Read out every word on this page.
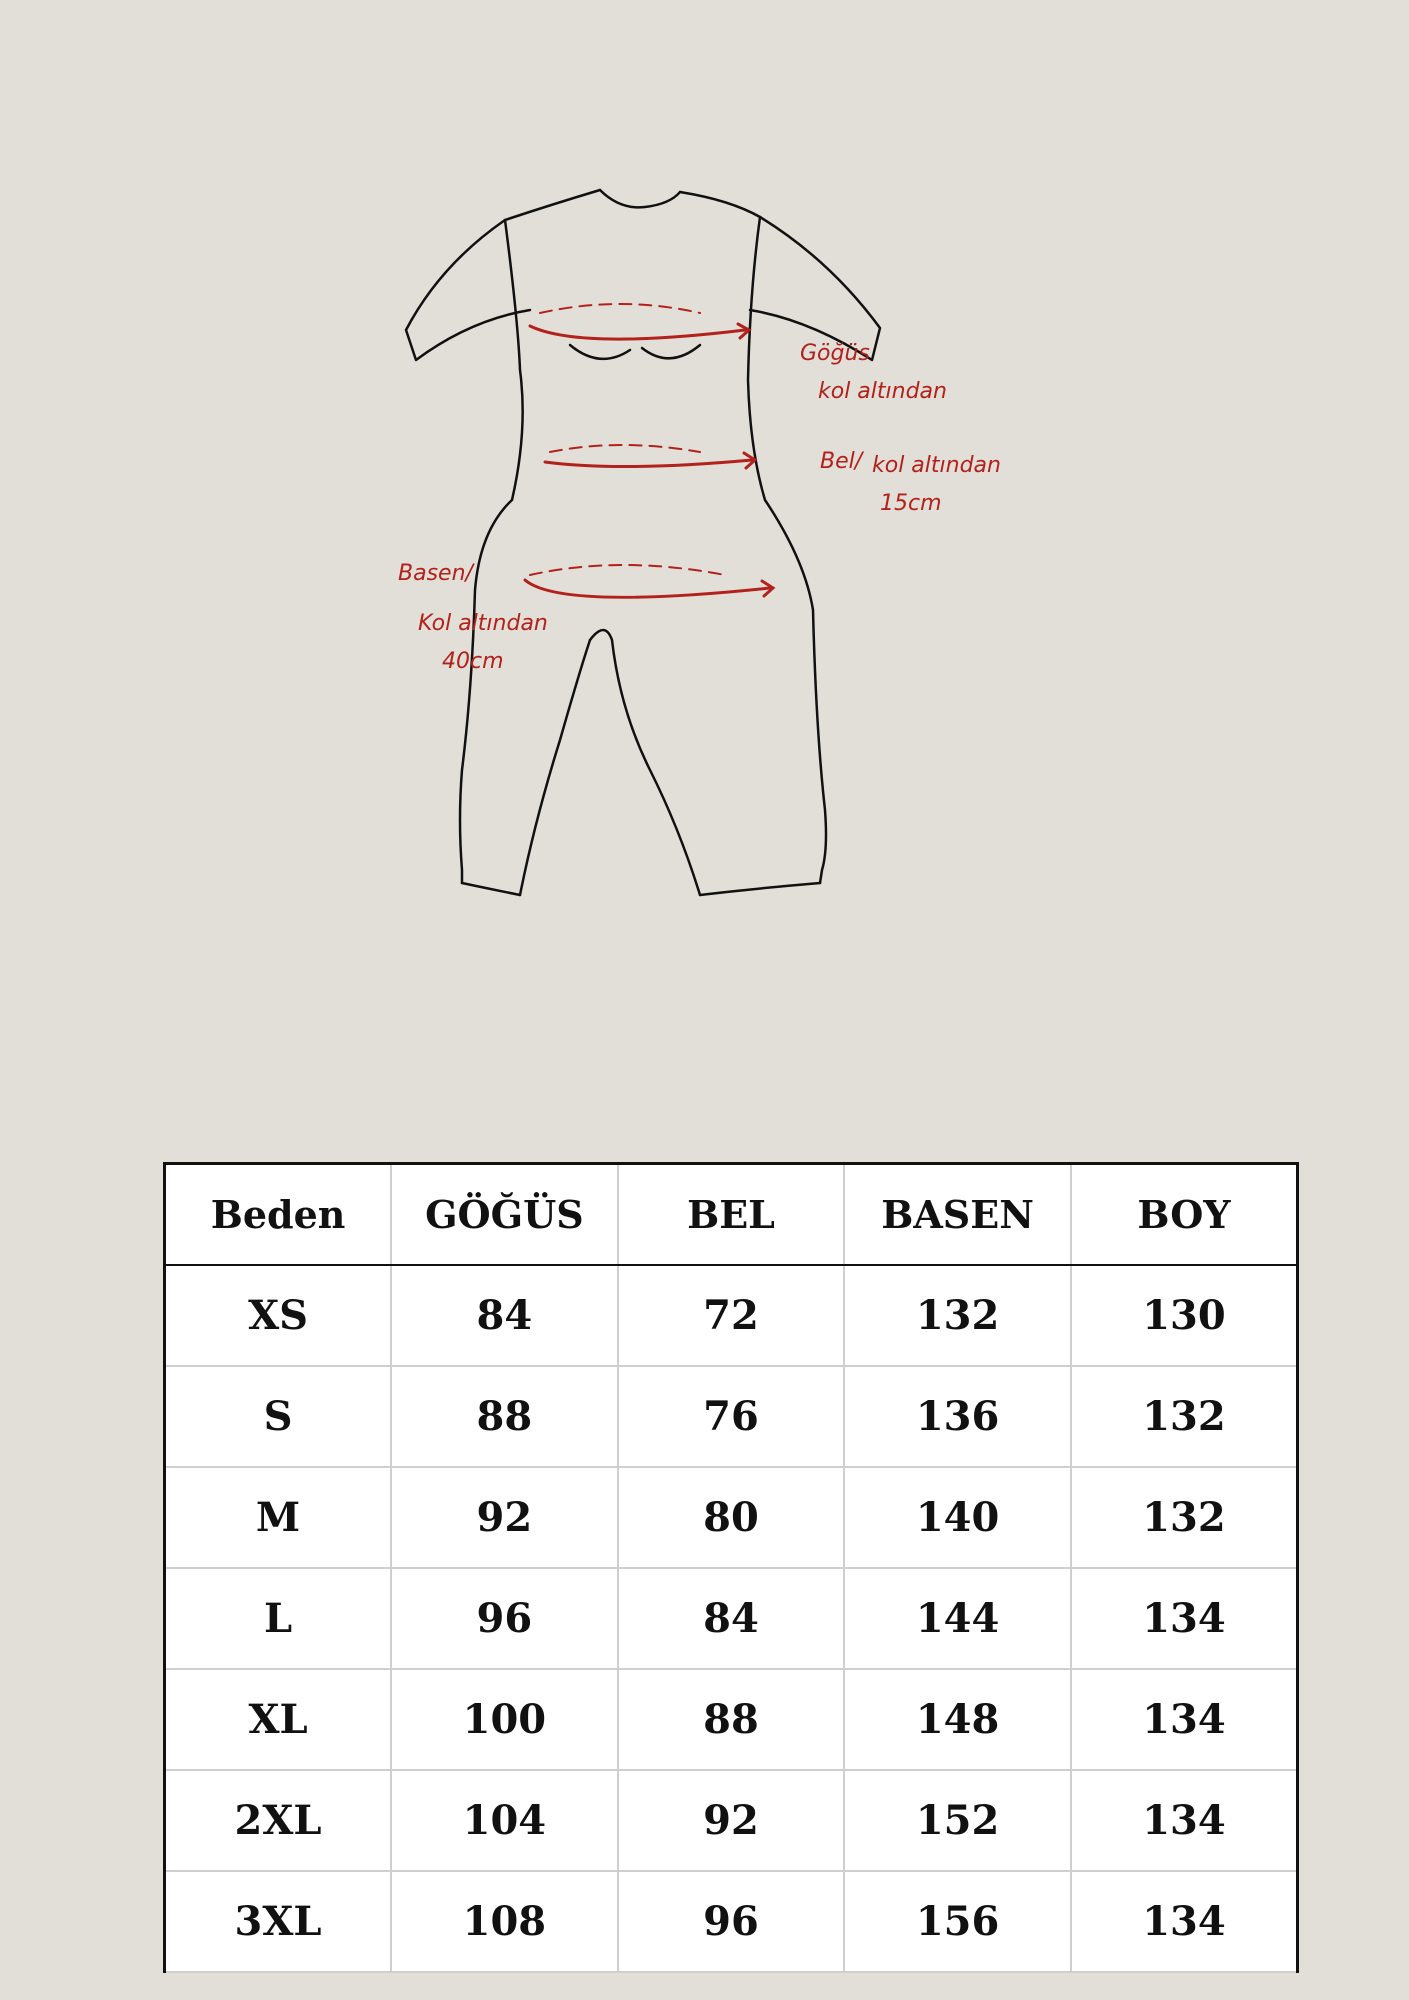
Göğüs
kol altından
Bel/ kol altından
15cm
Basen/
Kol altından
40cm
Beden	GÖĞÜS	BEL	BASEN	BOY
XS	84	72	132	130
S	88	76	136	132
M	92	80	140	132
L	96	84	144	134
XL	100	88	148	134
2XL	104	92	152	134
3XL	108	96	156	134
